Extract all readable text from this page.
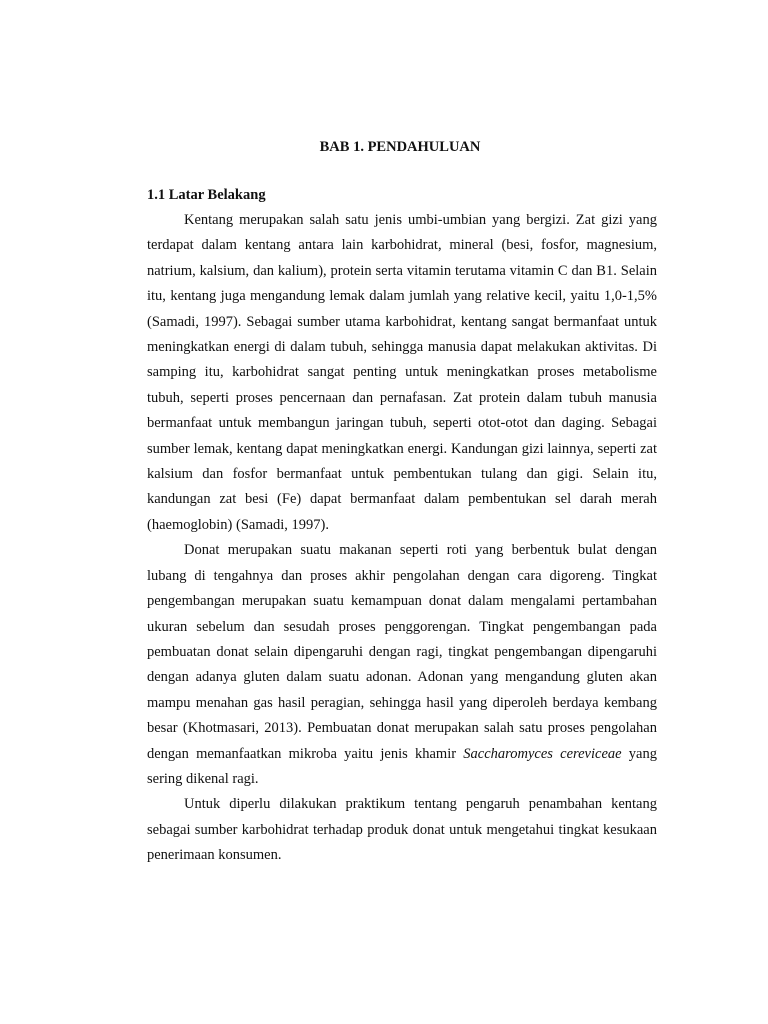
BAB 1. PENDAHULUAN
1.1 Latar Belakang

Kentang merupakan salah satu jenis umbi-umbian yang bergizi. Zat gizi yang terdapat dalam kentang antara lain karbohidrat, mineral (besi, fosfor, magnesium, natrium, kalsium, dan kalium), protein serta vitamin terutama vitamin C dan B1. Selain itu, kentang juga mengandung lemak dalam jumlah yang relative kecil, yaitu 1,0-1,5% (Samadi, 1997). Sebagai sumber utama karbohidrat, kentang sangat bermanfaat untuk meningkatkan energi di dalam tubuh, sehingga manusia dapat melakukan aktivitas. Di samping itu, karbohidrat sangat penting untuk meningkatkan proses metabolisme tubuh, seperti proses pencernaan dan pernafasan. Zat protein dalam tubuh manusia bermanfaat untuk membangun jaringan tubuh, seperti otot-otot dan daging. Sebagai sumber lemak, kentang dapat meningkatkan energi. Kandungan gizi lainnya, seperti zat kalsium dan fosfor bermanfaat untuk pembentukan tulang dan gigi. Selain itu, kandungan zat besi (Fe) dapat bermanfaat dalam pembentukan sel darah merah (haemoglobin) (Samadi, 1997).

Donat merupakan suatu makanan seperti roti yang berbentuk bulat dengan lubang di tengahnya dan proses akhir pengolahan dengan cara digoreng. Tingkat pengembangan merupakan suatu kemampuan donat dalam mengalami pertambahan ukuran sebelum dan sesudah proses penggorengan. Tingkat pengembangan pada pembuatan donat selain dipengaruhi dengan ragi, tingkat pengembangan dipengaruhi dengan adanya gluten dalam suatu adonan. Adonan yang mengandung gluten akan mampu menahan gas hasil peragian, sehingga hasil yang diperoleh berdaya kembang besar (Khotmasari, 2013). Pembuatan donat merupakan salah satu proses pengolahan dengan memanfaatkan mikroba yaitu jenis khamir Saccharomyces cereviceae yang sering dikenal ragi.

Untuk diperlu dilakukan praktikum tentang pengaruh penambahan kentang sebagai sumber karbohidrat terhadap produk donat untuk mengetahui tingkat kesukaan penerimaan konsumen.
